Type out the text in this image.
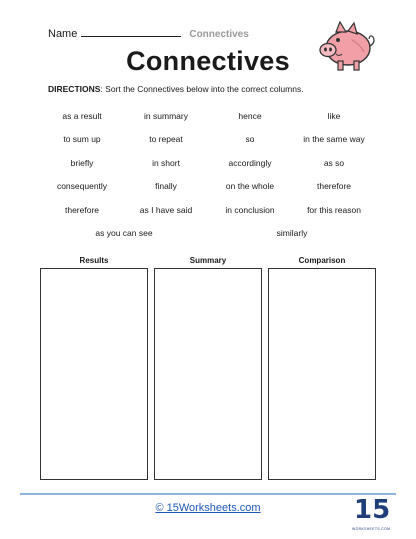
Name	Connectives
Connectives
DIRECTIONS: Sort the Connectives below into the correct columns.
as a result	in summary	hence	like
to sum up	to repeat	so	in the same way
briefly	in short	accordingly	as so
consequently	finally	on the whole	therefore
therefore	as I have said	in conclusion	for this reason
as you can see	similarly
Results	Summary	Comparison
© 15Worksheets.com	15
WORKSHEETS.COM
